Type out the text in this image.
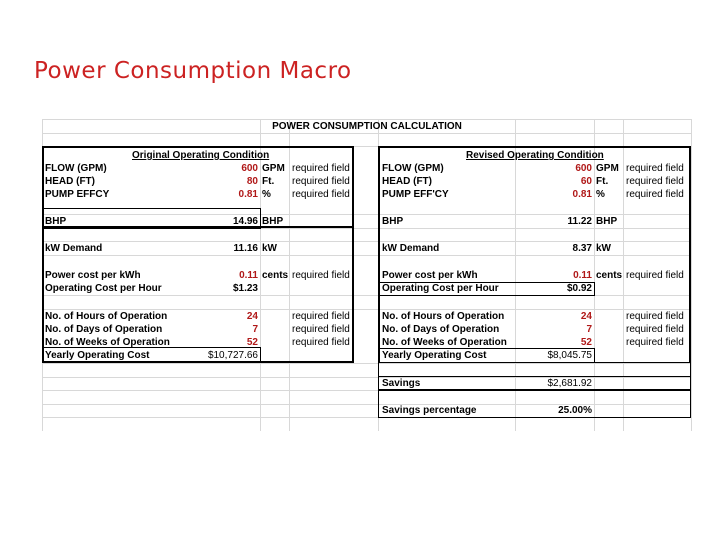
Power Consumption Macro
POWER CONSUMPTION CALCULATION
Original Operating Condition
FLOW (GPM)	600 GPM required field
HEAD (FT)	80 Ft. required field
PUMP EFFCY	0.81 % required field
BHP	14.96 BHP
kW Demand	11.16 kW
Power cost per kWh	0.11 cents required field
Operating Cost per Hour	$1.23
No. of Hours of Operation	24	required field
No. of Days of Operation	7	required field
No. of Weeks of Operation	52	required field
Yearly Operating Cost	$10,727.66
Revised Operating Condition
FLOW (GPM)	600 GPM required field
HEAD (FT)	60 Ft. required field
PUMP EFF'CY	0.81 % required field
BHP	11.22 BHP
kW Demand	8.37 kW
Power cost per kWh	0.11 cents required field
Operating Cost per Hour	$0.92
No. of Hours of Operation	24	required field
No. of Days of Operation	7	required field
No. of Weeks of Operation	52	required field
Yearly Operating Cost	$8,045.75
Savings	$2,681.92
Savings percentage	25.00%
